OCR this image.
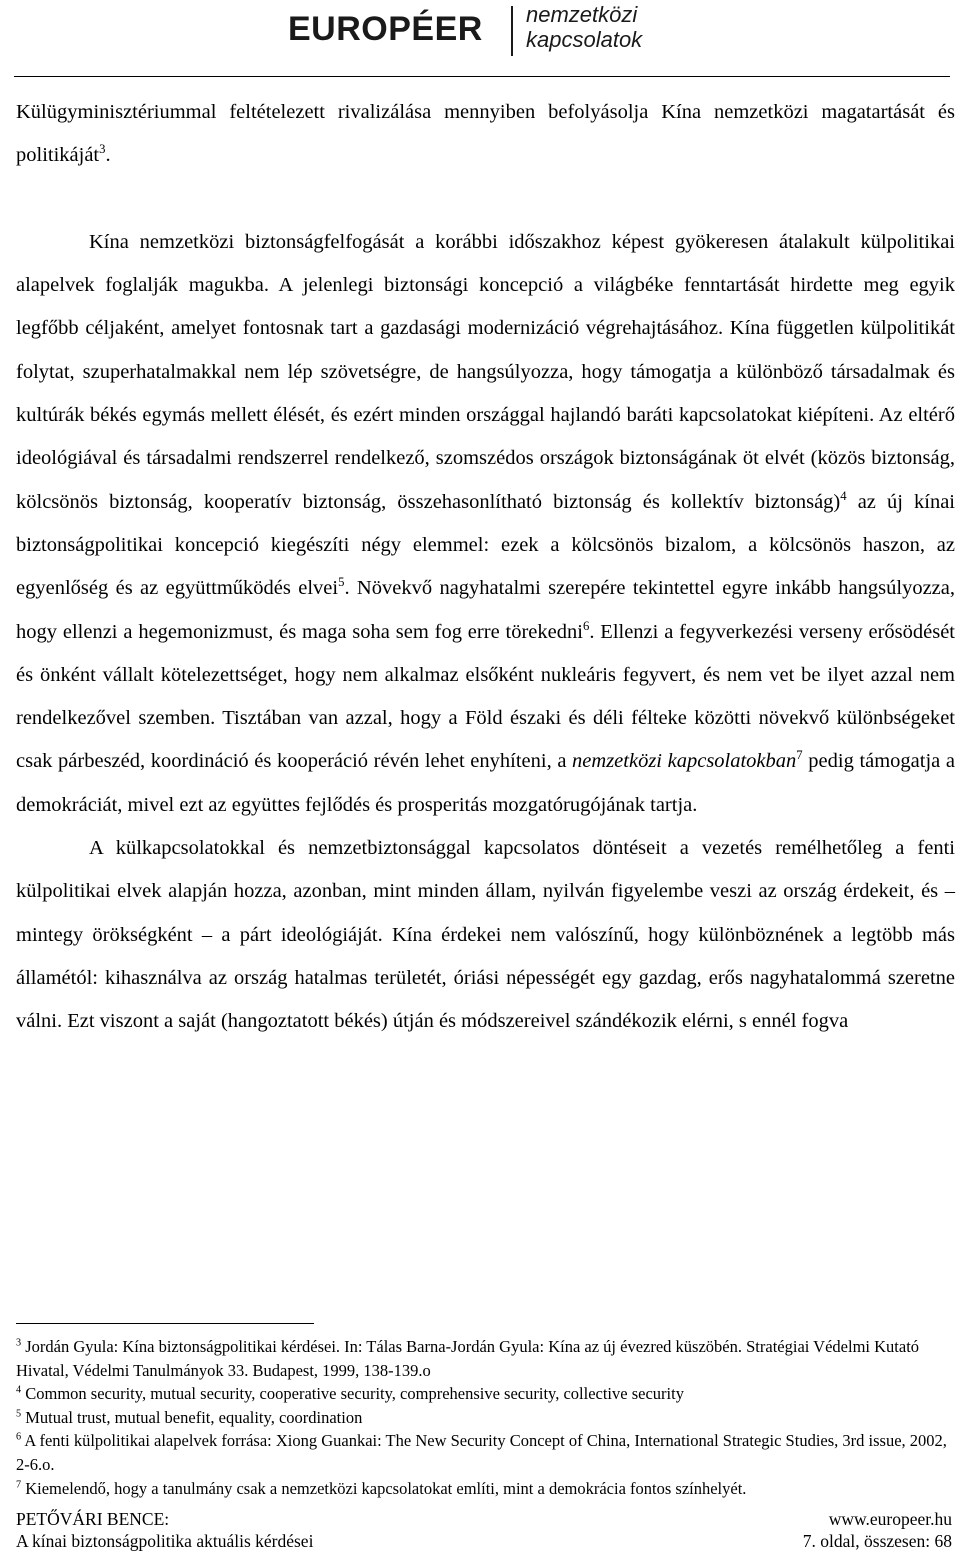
EUROPÉER nemzetközi
kapcsolatok

Külügyminisztériummal feltételezett rivalizálása mennyiben befolyásolja Kína nemzetközi magatartását és politikáját$^3$.

Kína nemzetközi biztonságfelfogását a korábbi időszakhoz képest gyökeresen átalakult külpolitikai alapelvek foglalják magukba. A jelenlegi biztonsági koncepció a világbéke fenntartását hirdette meg egyik legfőbb céljaként, amelyet fontosnak tart a gazdasági modernizáció végrehajtásához. Kína független külpolitikát folytat, szuperhatalmakkal nem lép szövetségre, de hangsúlyozza, hogy támogatja a különböző társadalmak és kultúrák békés egymás mellett élését, és ezért minden országgal hajlandó baráti kapcsolatokat kiépíteni. Az eltérő ideológiával és társadalmi rendszerrel rendelkező, szomszédos országok biztonságának öt elvét (közös biztonság, kölcsönös biztonság, kooperatív biztonság, összehasonlítható biztonság és kollektív biztonság)$^4$ az új kínai biztonságpolitikai koncepció kiegészíti négy elemmel: ezek a kölcsönös bizalom, a kölcsönös haszon, az egyenlőség és az együttműködés elvei$^5$. Növekvő nagyhatalmi szerepére tekintettel egyre inkább hangsúlyozza, hogy ellenzi a hegemonizmust, és maga soha sem fog erre törekedni$^6$. Ellenzi a fegyverkezési verseny erősödését és önként vállalt kötelezettséget, hogy nem alkalmaz elsőként nukleáris fegyvert, és nem vet be ilyet azzal nem rendelkezővel szemben. Tisztában van azzal, hogy a Föld északi és déli félteke közötti növekvő különbségeket csak párbeszéd, koordináció és kooperáció révén lehet enyhíteni, a nemzetközi kapcsolatokban$^7$ pedig támogatja a demokráciát, mivel ezt az együttes fejlődés és prosperitás mozgatórugójának tartja.

A külkapcsolatokkal és nemzetbiztonsággal kapcsolatos döntéseit a vezetés remélhetőleg a fenti külpolitikai elvek alapján hozza, azonban, mint minden állam, nyilván figyelembe veszi az ország érdekeit, és – mintegy örökségként – a párt ideológiáját. Kína érdekei nem valószínű, hogy különböznének a legtöbb más államétól: kihasználva az ország hatalmas területét, óriási népességét egy gazdag, erős nagyhatalommá szeretne válni. Ezt viszont a saját (hangoztatott békés) útján és módszereivel szándékozik elérni, s ennél fogva

$^3$ Jordán Gyula: Kína biztonságpolitikai kérdései. In: Tálas Barna-Jordán Gyula: Kína az új évezred küszöbén. Stratégiai Védelmi Kutató Hivatal, Védelmi Tanulmányok 33. Budapest, 1999, 138-139.o

$^4$ Common security, mutual security, cooperative security, comprehensive security, collective security

$^5$ Mutual trust, mutual benefit, equality, coordination

$^6$ A fenti külpolitikai alapelvek forrása: Xiong Guankai: The New Security Concept of China, International Strategic Studies, 3rd issue, 2002, 2-6.o.

$^7$ Kiemelendő, hogy a tanulmány csak a nemzetközi kapcsolatokat említi, mint a demokrácia fontos színhelyét.

PETŐVÁRI BENCE:	www.europeer.hu
A kínai biztonságpolitika aktuális kérdései	7. oldal, összesen: 68
